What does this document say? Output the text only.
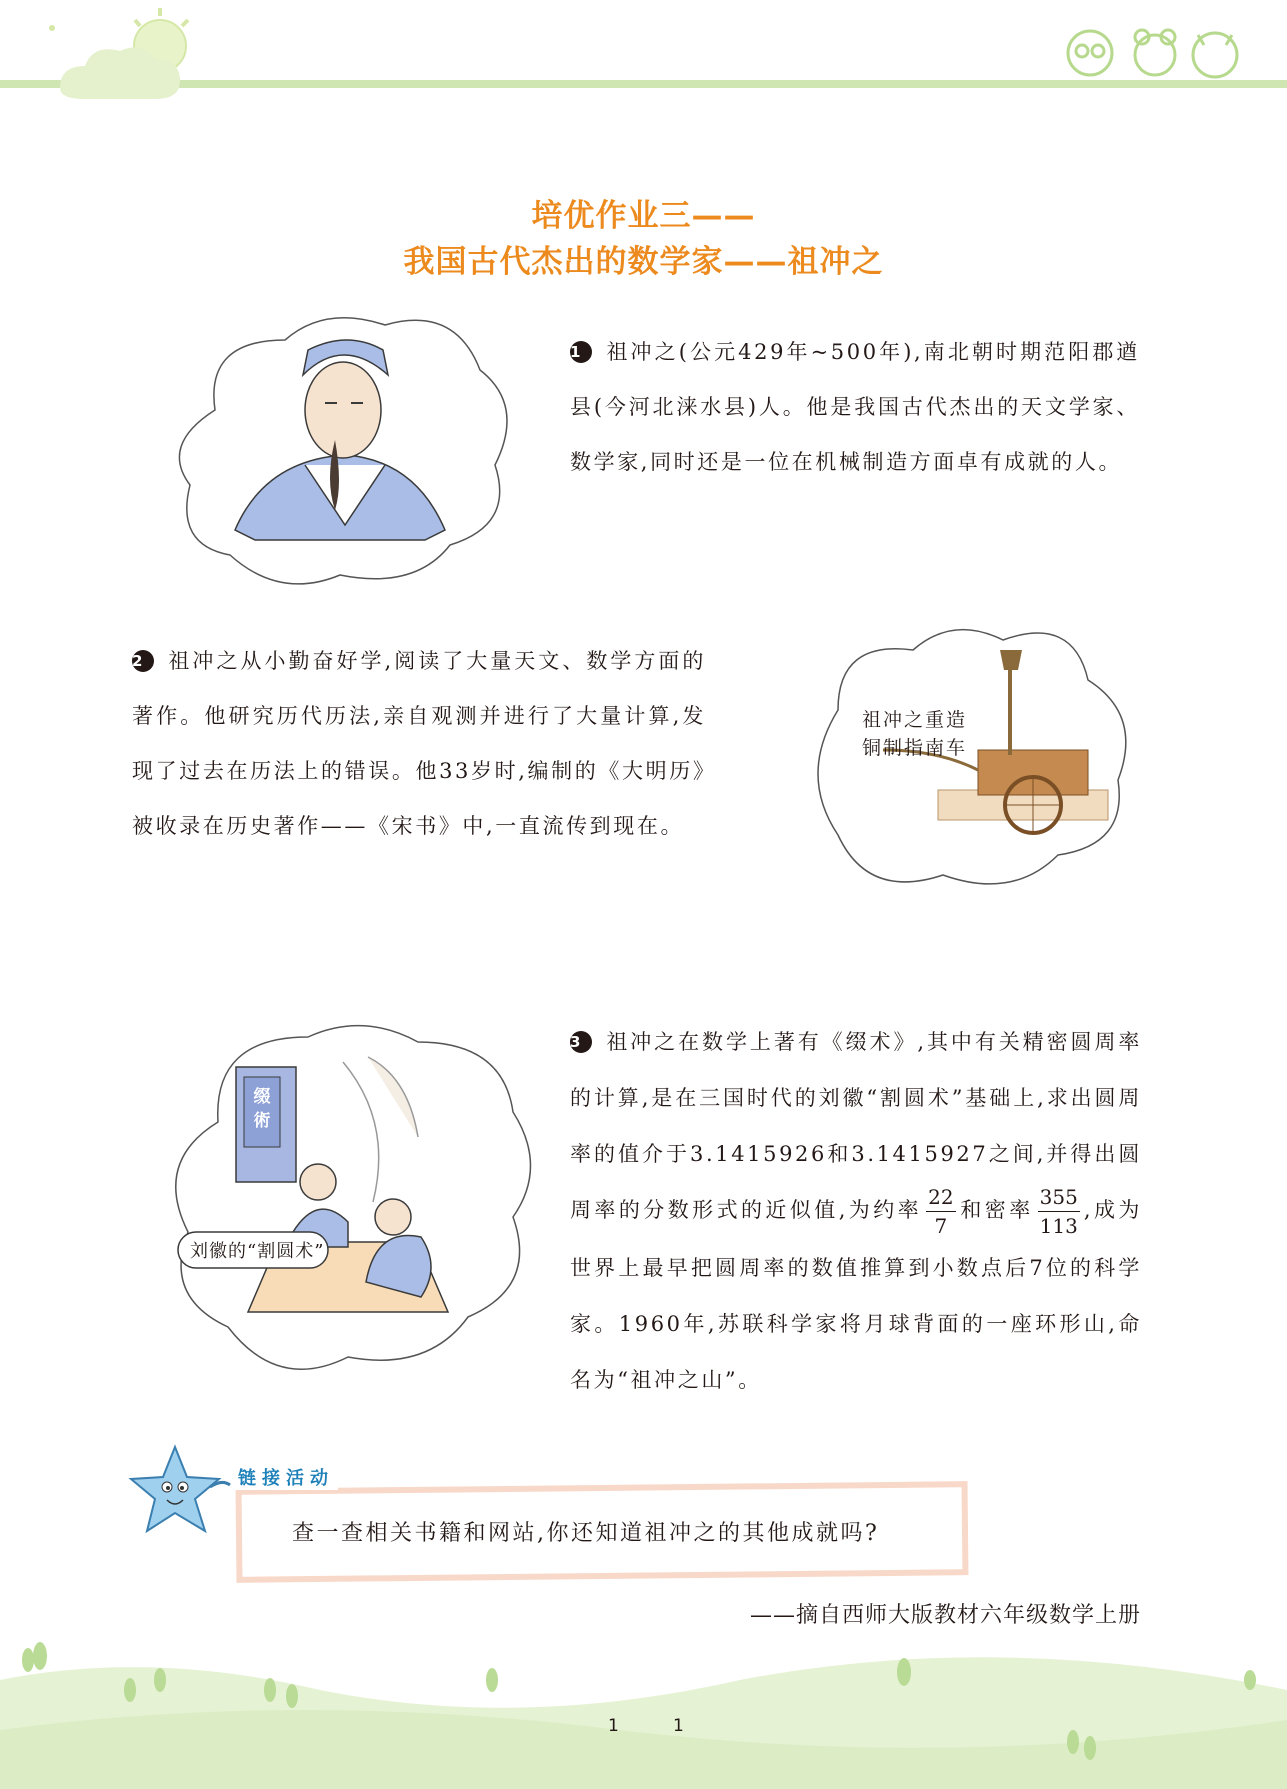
培优作业三——
我国古代杰出的数学家——祖冲之

1 祖冲之(公元429年~500年),南北朝时期范阳郡遒县(今河北涞水县)人。他是我国古代杰出的天文学家、数学家,同时还是一位在机械制造方面卓有成就的人。

2 祖冲之从小勤奋好学,阅读了大量天文、数学方面的著作。他研究历代历法,亲自观测并进行了大量计算,发现了过去在历法上的错误。他33岁时,编制的《大明历》被收录在历史著作——《宋书》中,一直流传到现在。

祖冲之重造
铜制指南车
缀
術
刘徽的“割圆术”

3 祖冲之在数学上著有《缀术》,其中有关精密圆周率的计算,是在三国时代的刘徽“割圆术”基础上,求出圆周率的值介于3.1415926和3.1415927之间,并得出圆周率的分数形式的近似值,为约率 $\frac{22}{7}$ 和密率 $\frac{355}{113}$ ,成为世界上最早把圆周率的数值推算到小数点后7位的科学家。1960年,苏联科学家将月球背面的一座环形山,命名为“祖冲之山”。

链接活动
查一查相关书籍和网站,你还知道祖冲之的其他成就吗?
——摘自西师大版教材六年级数学上册
1	1
